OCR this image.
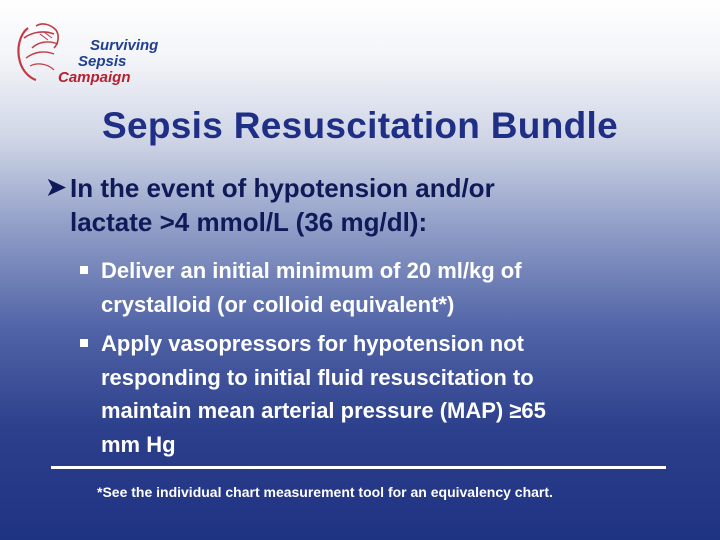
Surviving
Sepsis
Campaign
Sepsis Resuscitation Bundle
➤ In the event of hypotension and/or
lactate >4 mmol/L (36 mg/dl):
Deliver an initial minimum of 20 ml/kg of
crystalloid (or colloid equivalent*)
Apply vasopressors for hypotension not
responding to initial fluid resuscitation to
maintain mean arterial pressure (MAP) ≥65
mm Hg
*See the individual chart measurement tool for an equivalency chart.
